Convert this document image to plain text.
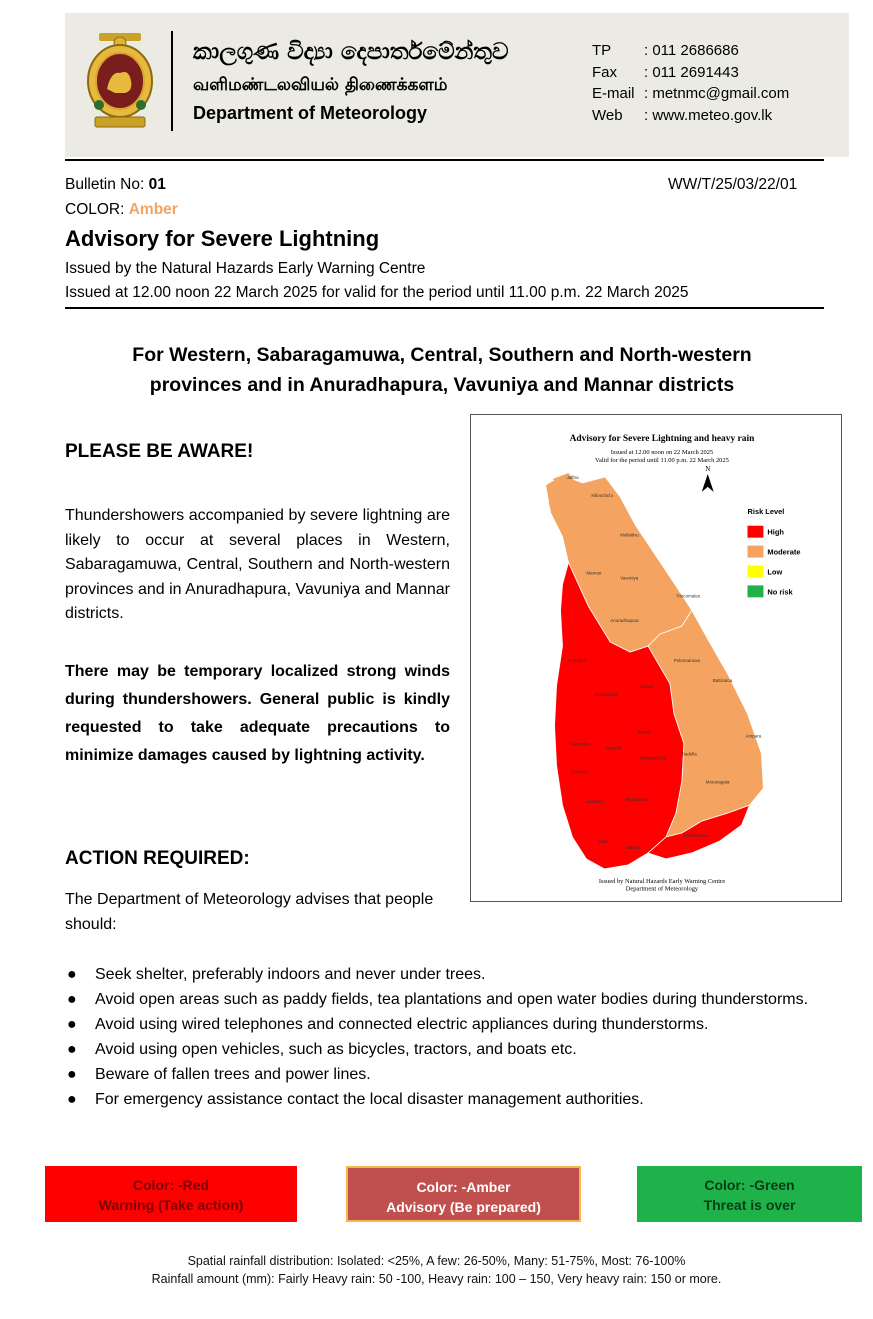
කාලගුණ විද්‍යා දෙපාර්තමේන්තුව
வளிமண்டலவியல் திணைக்களம்
Department of Meteorology
TP	: 011 2686686
Fax	: 011 2691443
E-mail : metnmc@gmail.com
Web	: www.meteo.gov.lk
Bulletin No: 01	WW/T/25/03/22/01
COLOR: Amber
Advisory for Severe Lightning
Issued by the Natural Hazards Early Warning Centre
Issued at 12.00 noon 22 March 2025 for valid for the period until 11.00 p.m. 22 March 2025
For Western, Sabaragamuwa, Central, Southern and North-western
provinces and in Anuradhapura, Vavuniya and Mannar districts
PLEASE BE AWARE!
Thundershowers accompanied by severe lightning are likely to occur at several places in Western, Sabaragamuwa, Central, Southern and North-western provinces and in Anuradhapura, Vavuniya and Mannar districts.
There may be temporary localized strong winds during thundershowers. General public is kindly requested to take adequate precautions to minimize damages caused by lightning activity.
ACTION REQUIRED:
The Department of Meteorology advises that people should:
Advisory for Severe Lightning and heavy rain
Issued at 12.00 noon on 22 March 2025
Valid for the period until 11.00 p.m. 22 March 2025
N
Jaffna
Kilinochchi
Mullaitivu
Mannar
Vavuniya
Trincomalee
Anuradhapura
Puttalam	Polonnaruwa
Batticaloa
Kurunegala
Matale
Kandy
Ampara
Gampaha
Kegalle
Nuwara Eliya
Badulla
Colombo
Monaragala
Kalutara	Ratnapura
Galle
Matara
Hambantota
Risk Level
High
Moderate
Low
No risk
Issued by Natural Hazards Early Warning Centre
Department of Meteorology
● Seek shelter, preferably indoors and never under trees.
● Avoid open areas such as paddy fields, tea plantations and open water bodies during thunderstorms.
● Avoid using wired telephones and connected electric appliances during thunderstorms.
● Avoid using open vehicles, such as bicycles, tractors, and boats etc.
● Beware of fallen trees and power lines.
● For emergency assistance contact the local disaster management authorities.
Color: -Red
Warning (Take action)
Color: -Amber
Advisory (Be prepared)
Color: -Green
Threat is over
Spatial rainfall distribution: Isolated: <25%, A few: 26-50%, Many: 51-75%, Most: 76-100%
Rainfall amount (mm): Fairly Heavy rain: 50 -100, Heavy rain: 100 – 150, Very heavy rain: 150 or more.
